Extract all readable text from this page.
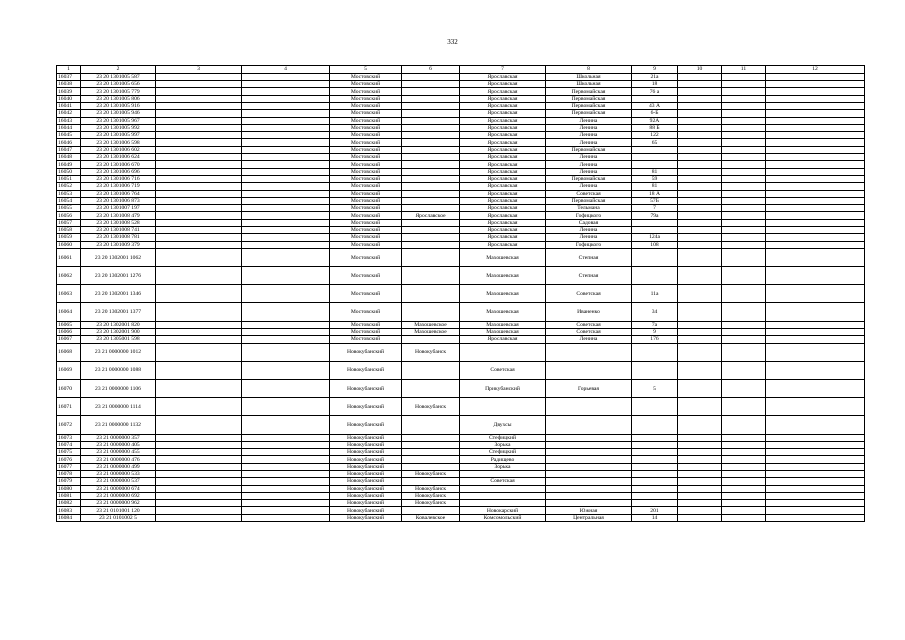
332
1	2	3	4	5	6	7	8	9	10	11	12
16037	23 20 1301005 587			Мостовский		Ярославская	Школьная	21а			
16038	23 20 1301005 656			Мостовский		Ярославская	Школьная	18			
16039	23 20 1301005 779			Мостовский		Ярославская	Первомайская	76 а			
16040	23 20 1301005 806			Мостовский		Ярославская	Первомайская				
16041	23 20 1301005 916			Мостовский		Ярославская	Первомайская	43 А			
16042	23 20 1301005 946			Мостовский		Ярославская	Первомайская	6-Б			
16043	23 20 1301005 967			Мостовский		Ярославская	Ленина	92А			
16044	23 20 1301005 992			Мостовский		Ярославская	Ленина	88 Б			
16045	23 20 1301005 997			Мостовский		Ярославская	Ленина	122			
16046	23 20 1301006 598			Мостовский		Ярославская	Ленина	65			
16047	23 20 1301006 602			Мостовский		Ярославская	Первомайская				
16048	23 20 1301006 624			Мостовский		Ярославская	Ленина				
16049	23 20 1301006 670			Мостовский		Ярославская	Ленина				
16050	23 20 1301006 696			Мостовский		Ярославская	Ленина	81			
16051	23 20 1301006 716			Мостовский		Ярославская	Первомайская	59			
16052	23 20 1301006 719			Мостовский		Ярославская	Ленина	81			
16053	23 20 1301006 764			Мостовский		Ярославская	Советская	18 А			
16054	23 20 1301006 873			Мостовский		Ярославская	Первомайская	57Б			
16055	23 20 1301007 197			Мостовский		Ярославская	Тельмана	7			
16056	23 20 1301008 479			Мостовский	Ярославское	Ярославская	Гофицкого	79а			
16057	23 20 1301008 528			Мостовский		Ярославская	Садовая				
16058	23 20 1301008 741			Мостовский		Ярославская	Ленина				
16059	23 20 1301008 781			Мостовский		Ярославская	Ленина	124а			
16060	23 20 1301009 379			Мостовский		Ярославская	Гофицкого	108			
16061	23 20 1302001 1062			Мостовский		Махошевская	Степная				
16062	23 20 1302001 1276			Мостовский		Махошевская	Степная				
16063	23 20 1302001 1346			Мостовский		Махошевская	Советская	11а			
16064	23 20 1302001 1377			Мостовский		Махошевская	Иваненко	34			
16065	23 20 1302001 820			Мостовский	Махошевское	Махошевская	Советская	7а			
16066	23 20 1302001 900			Мостовский	Махошевское	Махошевская	Советская	9			
16067	23 20 1305001 598			Мостовский		Ярославская	Ленина	176			
16068	23 21 0000000 1012			Новокубанский	Новокубанск						
16069	23 21 0000000 1088			Новокубанский		Советская					
16070	23 21 0000000 1106			Новокубанский		Прикубанский	Горьевая	5			
16071	23 21 0000000 1114			Новокубанский	Новокубанск						
16072	23 21 0000000 1132			Новокубанский		Двухсы					
16073	23 21 0000000 357			Новокубанский		Стефицкий					
16074	23 21 0000000 405			Новокубанский		Зорька					
16075	23 21 0000000 455			Новокубанский		Стефицкий					
16076	23 21 0000000 476			Новокубанский		Радищево					
16077	23 21 0000000 499			Новокубанский		Зорька					
16078	23 21 0000000 533			Новокубанский	Новокубанск						
16079	23 21 0000000 537			Новокубанский		Советская					
16080	23 21 0000000 674			Новокубанский	Новокубанск						
16081	23 21 0000000 692			Новокубанский	Новокубанск						
16082	23 21 0000000 962			Новокубанский	Новокубанск						
16083	23 21 0101001 120			Новокубанский		Новокарский	Южная	201			
16084	23 21 0101002 5			Новокубанский	Ковалевское	Комсомольский	Центральная	14			
